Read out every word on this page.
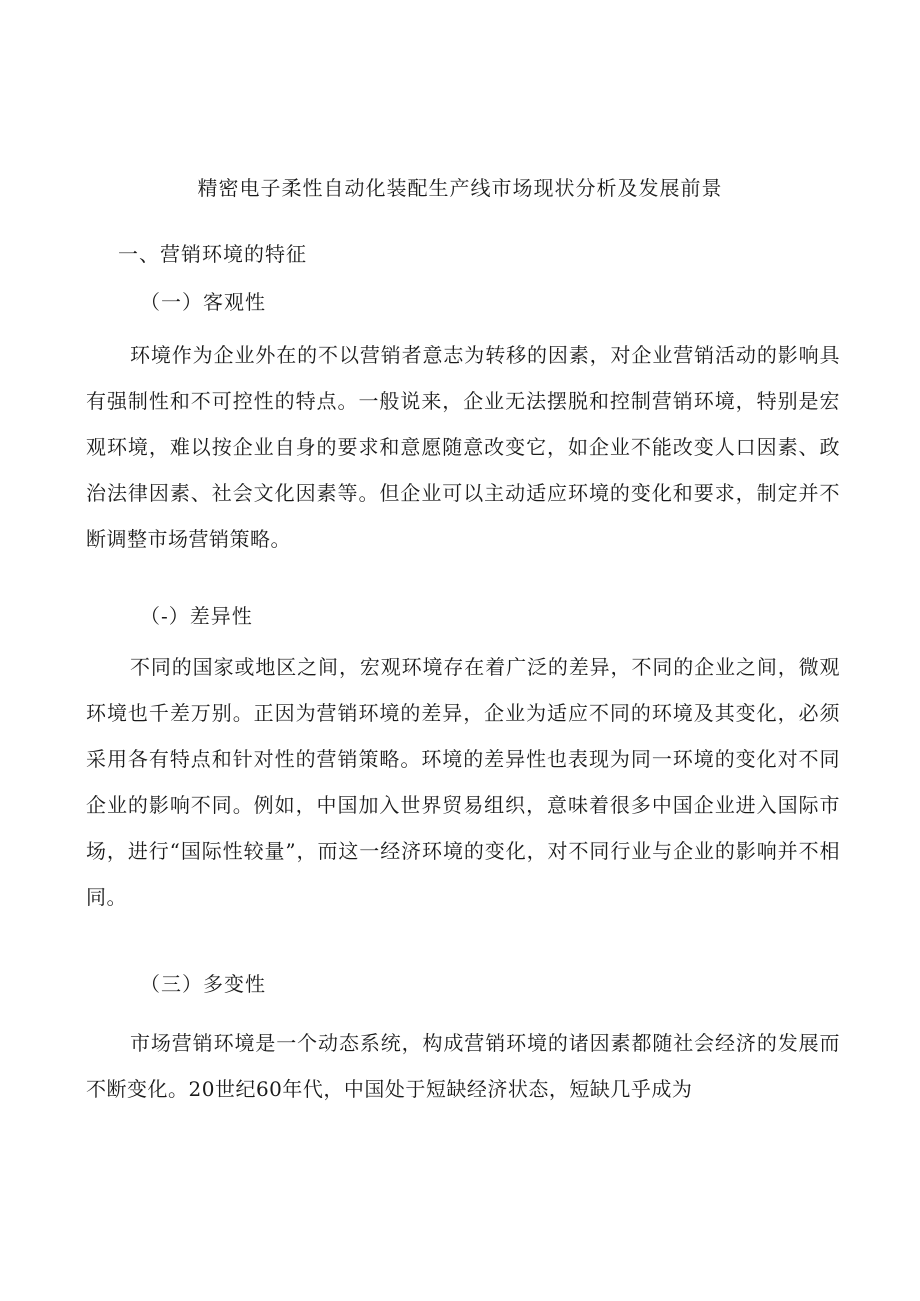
精密电子柔性自动化装配生产线市场现状分析及发展前景
一、营销环境的特征
（一）客观性

环境作为企业外在的不以营销者意志为转移的因素，对企业营销活动的影响具有强制性和不可控性的特点。一般说来，企业无法摆脱和控制营销环境，特别是宏观环境，难以按企业自身的要求和意愿随意改变它，如企业不能改变人口因素、政治法律因素、社会文化因素等。但企业可以主动适应环境的变化和要求，制定并不断调整市场营销策略。

（-）差异性

不同的国家或地区之间，宏观环境存在着广泛的差异，不同的企业之间，微观环境也千差万别。正因为营销环境的差异，企业为适应不同的环境及其变化，必须采用各有特点和针对性的营销策略。环境的差异性也表现为同一环境的变化对不同企业的影响不同。例如，中国加入世界贸易组织，意味着很多中国企业进入国际市场，进行“国际性较量”，而这一经济环境的变化，对不同行业与企业的影响并不相同。

（三）多变性

市场营销环境是一个动态系统，构成营销环境的诸因素都随社会经济的发展而不断变化。20世纪60年代，中国处于短缺经济状态，短缺几乎成为
